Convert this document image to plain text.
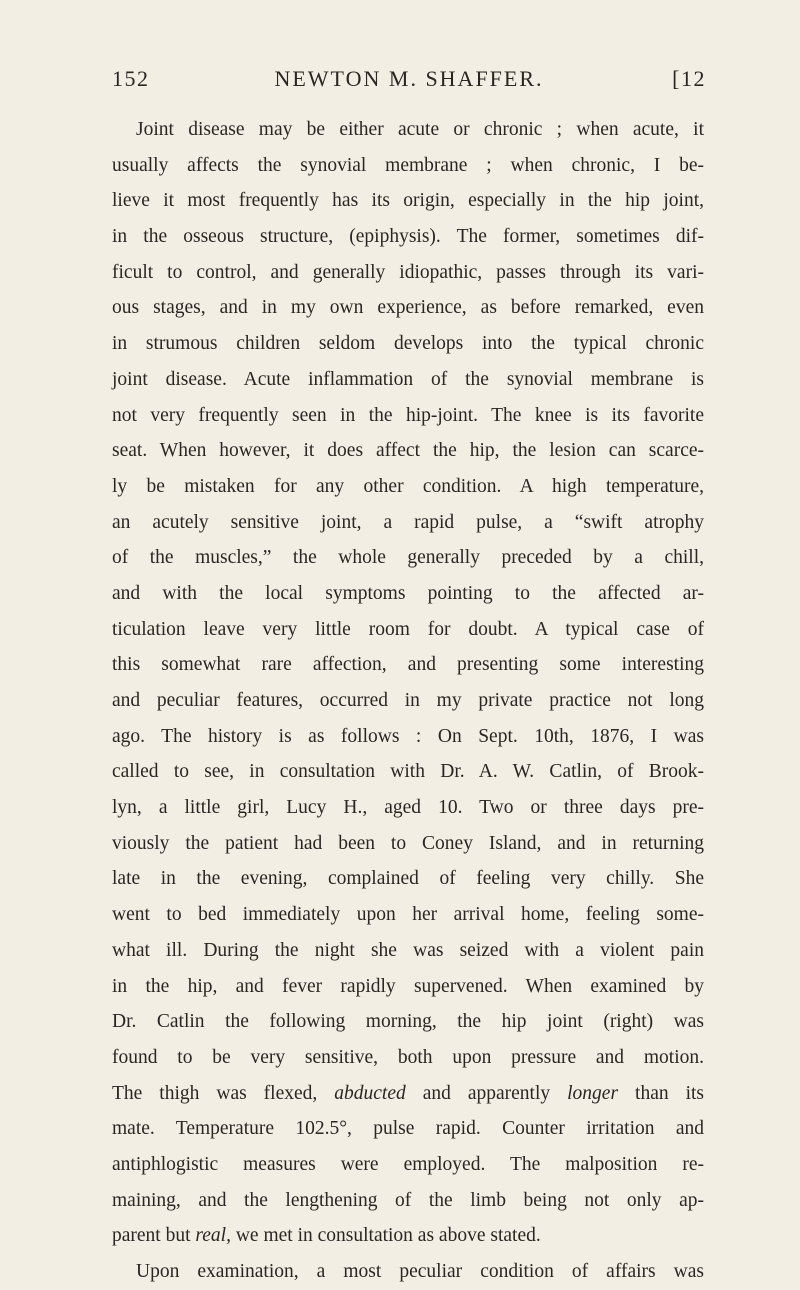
152	NEWTON M. SHAFFER.	[12
Joint disease may be either acute or chronic ; when acute, it
usually affects the synovial membrane ; when chronic, I be-
lieve it most frequently has its origin, especially in the hip joint,
in the osseous structure, (epiphysis). The former, sometimes dif-
ficult to control, and generally idiopathic, passes through its vari-
ous stages, and in my own experience, as before remarked, even
in strumous children seldom develops into the typical chronic
joint disease. Acute inflammation of the synovial membrane is
not very frequently seen in the hip-joint. The knee is its favorite
seat. When however, it does affect the hip, the lesion can scarce-
ly be mistaken for any other condition. A high temperature,
an acutely sensitive joint, a rapid pulse, a “swift atrophy
of the muscles,” the whole generally preceded by a chill,
and with the local symptoms pointing to the affected ar-
ticulation leave very little room for doubt. A typical case of
this somewhat rare affection, and presenting some interesting
and peculiar features, occurred in my private practice not long
ago. The history is as follows : On Sept. 10th, 1876, I was
called to see, in consultation with Dr. A. W. Catlin, of Brook-
lyn, a little girl, Lucy H., aged 10. Two or three days pre-
viously the patient had been to Coney Island, and in returning
late in the evening, complained of feeling very chilly. She
went to bed immediately upon her arrival home, feeling some-
what ill. During the night she was seized with a violent pain
in the hip, and fever rapidly supervened. When examined by
Dr. Catlin the following morning, the hip joint (right) was
found to be very sensitive, both upon pressure and motion.
The thigh was flexed, abducted and apparently longer than its
mate. Temperature 102.5°, pulse rapid. Counter irritation and
antiphlogistic measures were employed. The malposition re-
maining, and the lengthening of the limb being not only ap-
parent but real, we met in consultation as above stated.
Upon examination, a most peculiar condition of affairs was
